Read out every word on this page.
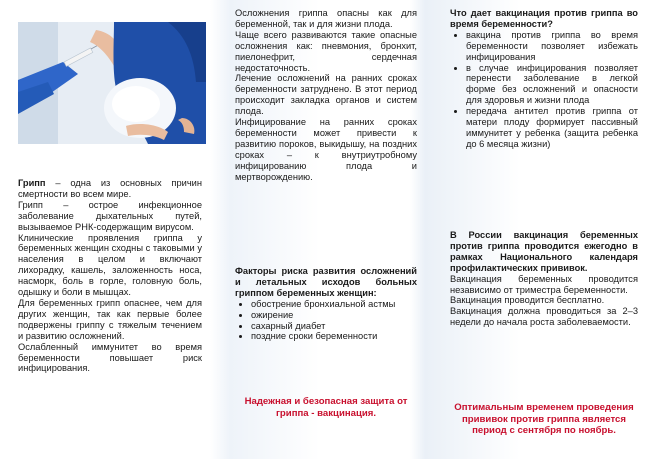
Грипп – одна из основных причин смертности во всем мире.

Грипп – острое инфекционное заболевание дыхательных путей, вызываемое РНК-содержащим вирусом.

Клинические проявления гриппа у беременных женщин сходны с таковыми у населения в целом и включают лихорадку, кашель, заложенность носа, насморк, боль в горле, головную боль, одышку и боли в мышцах.

Для беременных грипп опаснее, чем для других женщин, так как первые более подвержены гриппу с тяжелым течением и развитию осложнений.

Ослабленный иммунитет во время беременности повышает риск инфицирования.

Осложнения гриппа опасны как для беременной, так и для жизни плода.

Чаще всего развиваются такие опасные осложнения как: пневмония, бронхит, пиелонефрит, сердечная недостаточность.

Лечение осложнений на ранних сроках беременности затруднено. В этот период происходит закладка органов и систем плода.

Инфицирование на ранних сроках беременности может привести к развитию пороков, выкидышу, на поздних сроках – к внутриутробному инфицированию плода и мертворождению.

Факторы риска развития осложнений и летальных исходов больных гриппом беременных женщин:

• обострение бронхиальной астмы
• ожирение
• сахарный диабет
• поздние сроки беременности
Надежная и безопасная защита от гриппа - вакцинация.

Что дает вакцинация против гриппа во время беременности?

• вакцина против гриппа во время беременности позволяет избежать инфицирования
• в случае инфицирования позволяет перенести заболевание в легкой форме без осложнений и опасности для здоровья и жизни плода
• передача антител против гриппа от матери плоду формирует пассивный иммунитет у ребенка (защита ребенка до 6 месяца жизни)

В России вакцинация беременных против гриппа проводится ежегодно в рамках Национального календаря профилактических прививок.

Вакцинация беременных проводится независимо от триместра беременности.

Вакцинация проводится бесплатно.

Вакцинация должна проводиться за 2–3 недели до начала роста заболеваемости.

Оптимальным временем проведения прививок против гриппа является период с сентября по ноябрь.
